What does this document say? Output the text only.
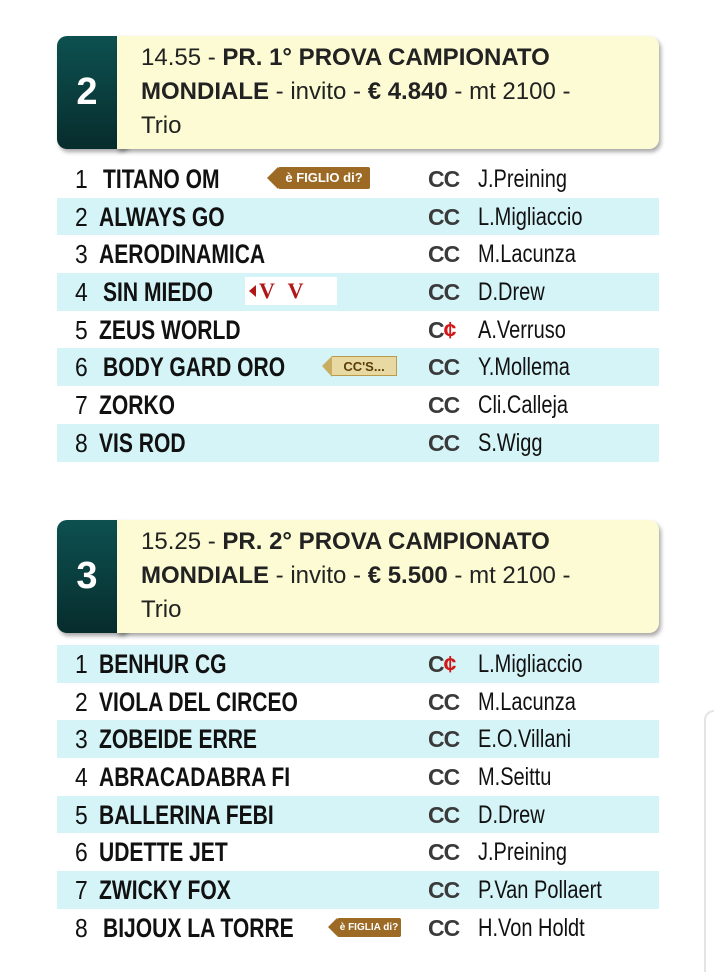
2
14.55 - PR. 1° PROVA CAMPIONATO
MONDIALE - invito - € 4.840 - mt 2100 -
Trio
1 TITANO OM	è FIGLIO di?	CC J.Preining
2 ALWAYS GO	CC L.Migliaccio
3 AERODINAMICA	CC M.Lacunza
4 SIN MIEDO V V	CC D.Drew
5 ZEUS WORLD	C¢ A.Verruso
6 BODY GARD ORO	CC'S...	CC Y.Mollema
7 ZORKO	CC Cli.Calleja
8 VIS ROD	CC S.Wigg
3
15.25 - PR. 2° PROVA CAMPIONATO
MONDIALE - invito - € 5.500 - mt 2100 -
Trio
1 BENHUR CG	C¢ L.Migliaccio
2 VIOLA DEL CIRCEO	CC M.Lacunza
3 ZOBEIDE ERRE	CC E.O.Villani
4 ABRACADABRA FI	CC M.Seittu
5 BALLERINA FEBI	CC D.Drew
6 UDETTE JET	CC J.Preining
7 ZWICKY FOX	CC P.Van Pollaert
8 BIJOUX LA TORRE	è FIGLIA di? CC H.Von Holdt
